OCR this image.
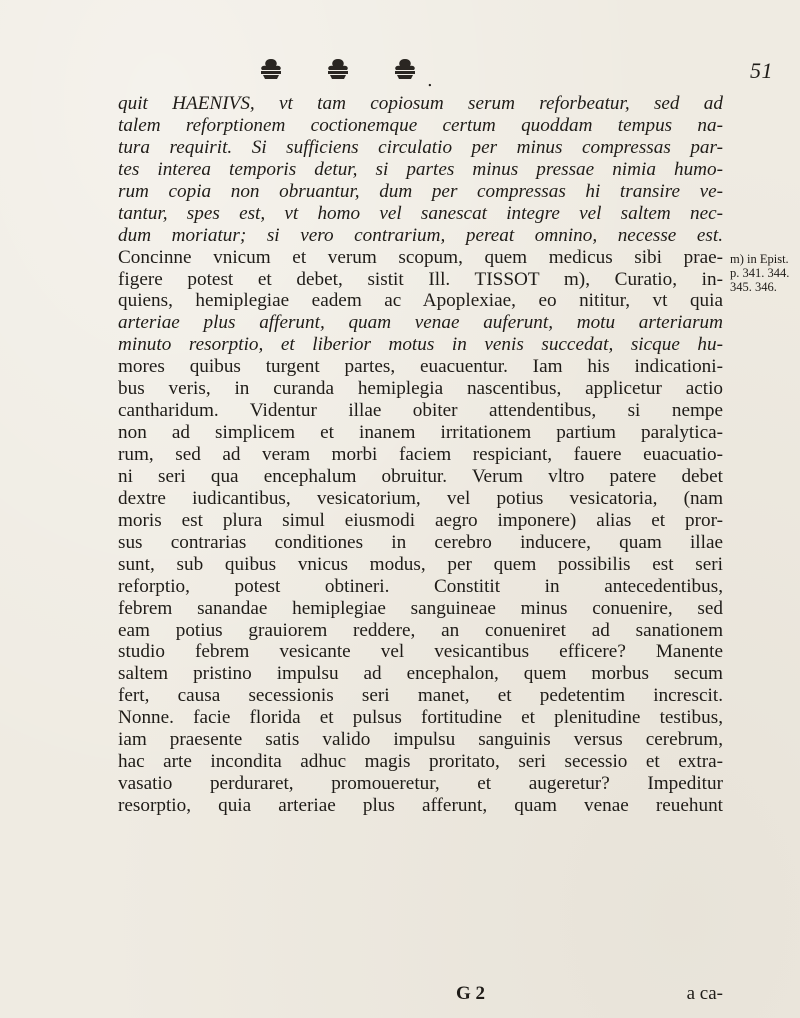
.	51
quit HAENIVS, vt tam copiosum serum reforbeatur, sed ad
talem reforptionem coctionemque certum quoddam tempus na-
tura requirit. Si sufficiens circulatio per minus compressas par-
tes interea temporis detur, si partes minus pressae nimia humo-
rum copia non obruantur, dum per compressas hi transire ve-
tantur, spes est, vt homo vel sanescat integre vel saltem nec-
dum moriatur; si vero contrarium, pereat omnino, necesse est.
Concinne vnicum et verum scopum, quem medicus sibi prae-
figere potest et debet, sistit Ill. TISSOT m), Curatio, in-
quiens, hemiplegiae eadem ac Apoplexiae, eo nititur, vt quia
arteriae plus afferunt, quam venae auferunt, motu arteriarum
minuto resorptio, et liberior motus in venis succedat, sicque hu-
mores quibus turgent partes, euacuentur. Iam his indicationi-
bus veris, in curanda hemiplegia nascentibus, applicetur actio
cantharidum. Videntur illae obiter attendentibus, si nempe
non ad simplicem et inanem irritationem partium paralytica-
rum, sed ad veram morbi faciem respiciant, fauere euacuatio-
ni seri qua encephalum obruitur. Verum vltro patere debet
dextre iudicantibus, vesicatorium, vel potius vesicatoria, (nam
moris est plura simul eiusmodi aegro imponere) alias et pror-
sus contrarias conditiones in cerebro inducere, quam illae
sunt, sub quibus vnicus modus, per quem possibilis est seri
reforptio, potest obtineri. Constitit in antecedentibus,
febrem sanandae hemiplegiae sanguineae minus conuenire, sed
eam potius grauiorem reddere, an conueniret ad sanationem
studio febrem vesicante vel vesicantibus efficere? Manente
saltem pristino impulsu ad encephalon, quem morbus secum
fert, causa secessionis seri manet, et pedetentim increscit.
Nonne. facie florida et pulsus fortitudine et plenitudine testibus,
iam praesente satis valido impulsu sanguinis versus cerebrum,
hac arte incondita adhuc magis proritato, seri secessio et extra-
vasatio perduraret, promoueretur, et augeretur? Impeditur
resorptio, quia arteriae plus afferunt, quam venae reuehunt
m) in Epist.
p. 341. 344.
345. 346.
G 2	a ca-
